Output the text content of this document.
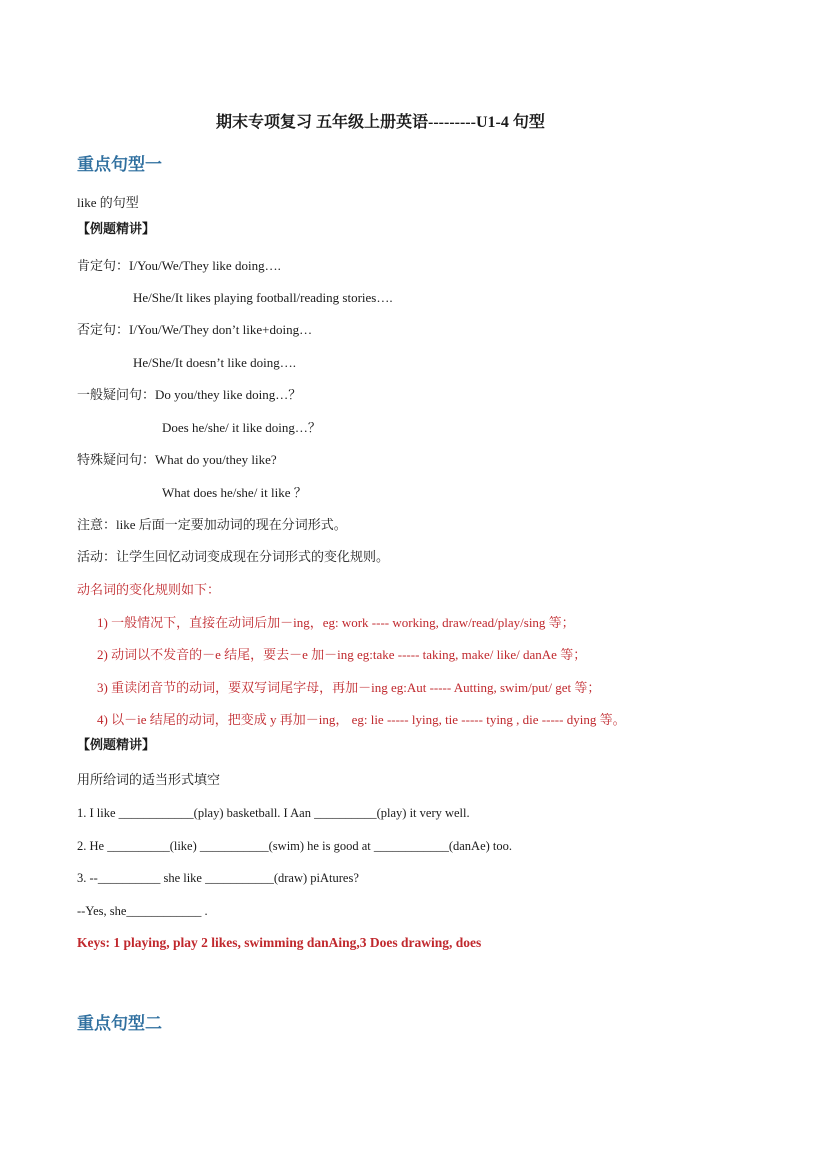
期末专项复习 五年级上册英语---------U1-4 句型
重点句型一
like 的句型
【例题精讲】
肯定句：I/You/We/They like doing….
He/She/It likes playing football/reading stories….
否定句：I/You/We/They don’t like+doing…
He/She/It doesn’t like doing….
一般疑问句：Do you/they like doing…？
Does he/she/ it like doing…？
特殊疑问句：What do you/they like?
What does he/she/ it like ？
注意：like 后面一定要加动词的现在分词形式。
活动：让学生回忆动词变成现在分词形式的变化规则。
动名词的变化规则如下：
1) 一般情况下，直接在动词后加－ing，eg: work ---- working, draw/read/play/sing 等；
2) 动词以不发音的－e 结尾，要去－e 加－ing eg:take ----- taking, make/ like/ danAe 等；
3) 重读闭音节的动词，要双写词尾字母，再加－ing eg:Aut ----- Autting, swim/put/ get 等；
4) 以－ie 结尾的动词，把变成 y 再加－ing， eg: lie ----- lying, tie ----- tying , die ----- dying 等。
【例题精讲】
用所给词的适当形式填空
1. I like ____________(play) basketball. I Aan __________(play) it very well.
2. He __________(like) ___________(swim) he is good at ____________(danAe) too.
3. --__________ she like ___________(draw) piAtures?
--Yes, she____________ .
Keys: 1 playing, play 2 likes, swimming danAing,3 Does drawing, does
重点句型二
